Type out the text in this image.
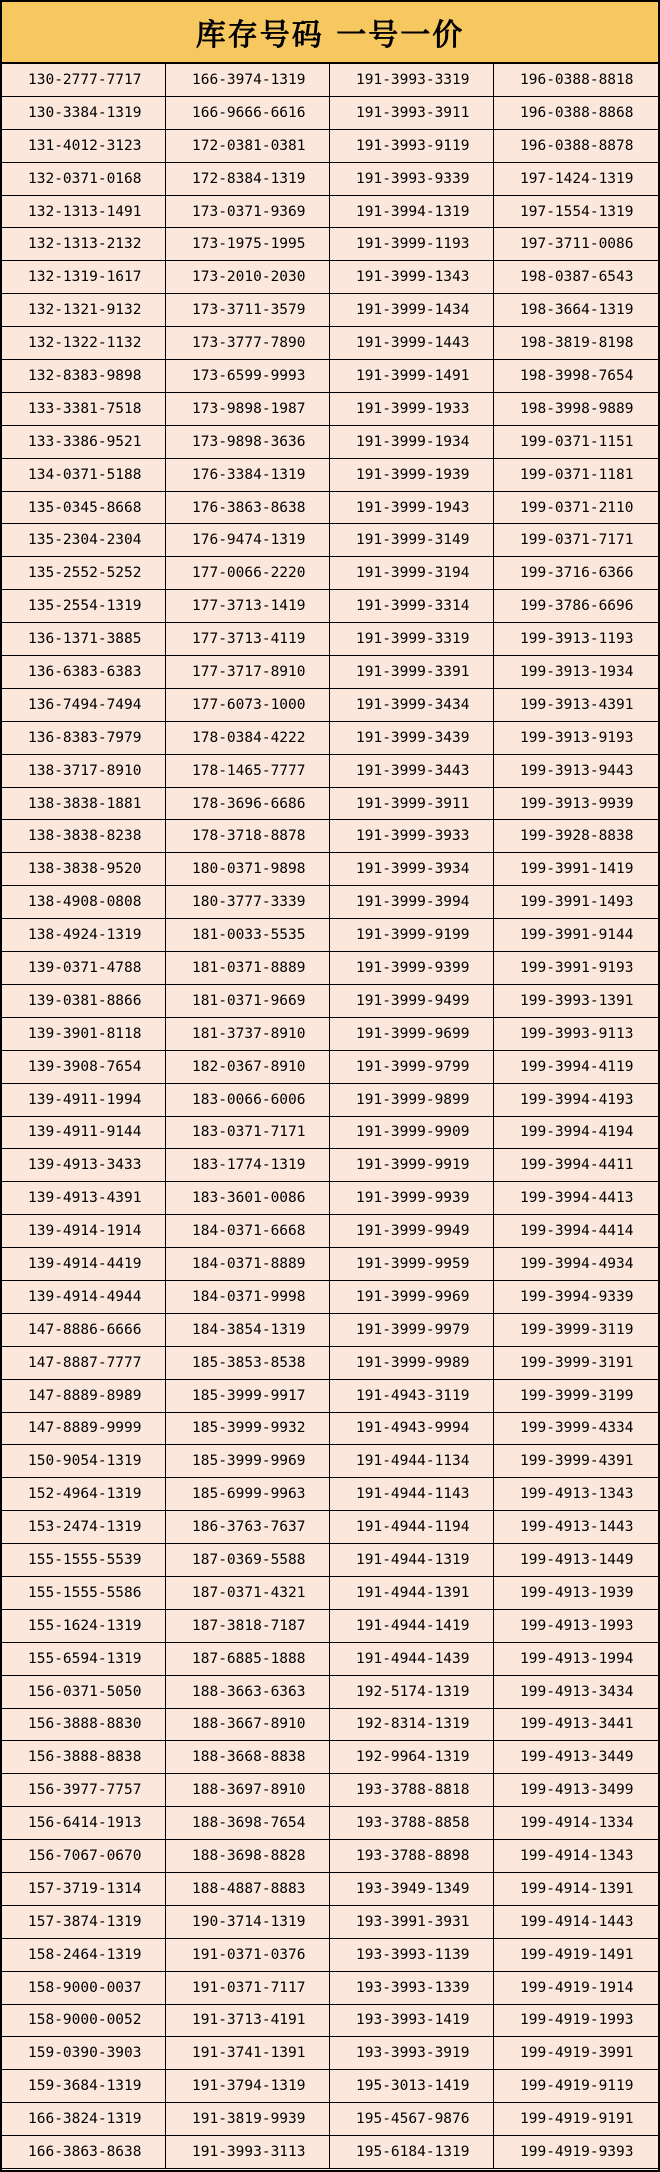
库存号码 一号一价
130-2777-7717	166-3974-1319	191-3993-3319	196-0388-8818
130-3384-1319	166-9666-6616	191-3993-3911	196-0388-8868
131-4012-3123	172-0381-0381	191-3993-9119	196-0388-8878
132-0371-0168	172-8384-1319	191-3993-9339	197-1424-1319
132-1313-1491	173-0371-9369	191-3994-1319	197-1554-1319
132-1313-2132	173-1975-1995	191-3999-1193	197-3711-0086
132-1319-1617	173-2010-2030	191-3999-1343	198-0387-6543
132-1321-9132	173-3711-3579	191-3999-1434	198-3664-1319
132-1322-1132	173-3777-7890	191-3999-1443	198-3819-8198
132-8383-9898	173-6599-9993	191-3999-1491	198-3998-7654
133-3381-7518	173-9898-1987	191-3999-1933	198-3998-9889
133-3386-9521	173-9898-3636	191-3999-1934	199-0371-1151
134-0371-5188	176-3384-1319	191-3999-1939	199-0371-1181
135-0345-8668	176-3863-8638	191-3999-1943	199-0371-2110
135-2304-2304	176-9474-1319	191-3999-3149	199-0371-7171
135-2552-5252	177-0066-2220	191-3999-3194	199-3716-6366
135-2554-1319	177-3713-1419	191-3999-3314	199-3786-6696
136-1371-3885	177-3713-4119	191-3999-3319	199-3913-1193
136-6383-6383	177-3717-8910	191-3999-3391	199-3913-1934
136-7494-7494	177-6073-1000	191-3999-3434	199-3913-4391
136-8383-7979	178-0384-4222	191-3999-3439	199-3913-9193
138-3717-8910	178-1465-7777	191-3999-3443	199-3913-9443
138-3838-1881	178-3696-6686	191-3999-3911	199-3913-9939
138-3838-8238	178-3718-8878	191-3999-3933	199-3928-8838
138-3838-9520	180-0371-9898	191-3999-3934	199-3991-1419
138-4908-0808	180-3777-3339	191-3999-3994	199-3991-1493
138-4924-1319	181-0033-5535	191-3999-9199	199-3991-9144
139-0371-4788	181-0371-8889	191-3999-9399	199-3991-9193
139-0381-8866	181-0371-9669	191-3999-9499	199-3993-1391
139-3901-8118	181-3737-8910	191-3999-9699	199-3993-9113
139-3908-7654	182-0367-8910	191-3999-9799	199-3994-4119
139-4911-1994	183-0066-6006	191-3999-9899	199-3994-4193
139-4911-9144	183-0371-7171	191-3999-9909	199-3994-4194
139-4913-3433	183-1774-1319	191-3999-9919	199-3994-4411
139-4913-4391	183-3601-0086	191-3999-9939	199-3994-4413
139-4914-1914	184-0371-6668	191-3999-9949	199-3994-4414
139-4914-4419	184-0371-8889	191-3999-9959	199-3994-4934
139-4914-4944	184-0371-9998	191-3999-9969	199-3994-9339
147-8886-6666	184-3854-1319	191-3999-9979	199-3999-3119
147-8887-7777	185-3853-8538	191-3999-9989	199-3999-3191
147-8889-8989	185-3999-9917	191-4943-3119	199-3999-3199
147-8889-9999	185-3999-9932	191-4943-9994	199-3999-4334
150-9054-1319	185-3999-9969	191-4944-1134	199-3999-4391
152-4964-1319	185-6999-9963	191-4944-1143	199-4913-1343
153-2474-1319	186-3763-7637	191-4944-1194	199-4913-1443
155-1555-5539	187-0369-5588	191-4944-1319	199-4913-1449
155-1555-5586	187-0371-4321	191-4944-1391	199-4913-1939
155-1624-1319	187-3818-7187	191-4944-1419	199-4913-1993
155-6594-1319	187-6885-1888	191-4944-1439	199-4913-1994
156-0371-5050	188-3663-6363	192-5174-1319	199-4913-3434
156-3888-8830	188-3667-8910	192-8314-1319	199-4913-3441
156-3888-8838	188-3668-8838	192-9964-1319	199-4913-3449
156-3977-7757	188-3697-8910	193-3788-8818	199-4913-3499
156-6414-1913	188-3698-7654	193-3788-8858	199-4914-1334
156-7067-0670	188-3698-8828	193-3788-8898	199-4914-1343
157-3719-1314	188-4887-8883	193-3949-1349	199-4914-1391
157-3874-1319	190-3714-1319	193-3991-3931	199-4914-1443
158-2464-1319	191-0371-0376	193-3993-1139	199-4919-1491
158-9000-0037	191-0371-7117	193-3993-1339	199-4919-1914
158-9000-0052	191-3713-4191	193-3993-1419	199-4919-1993
159-0390-3903	191-3741-1391	193-3993-3919	199-4919-3991
159-3684-1319	191-3794-1319	195-3013-1419	199-4919-9119
166-3824-1319	191-3819-9939	195-4567-9876	199-4919-9191
166-3863-8638	191-3993-3113	195-6184-1319	199-4919-9393
